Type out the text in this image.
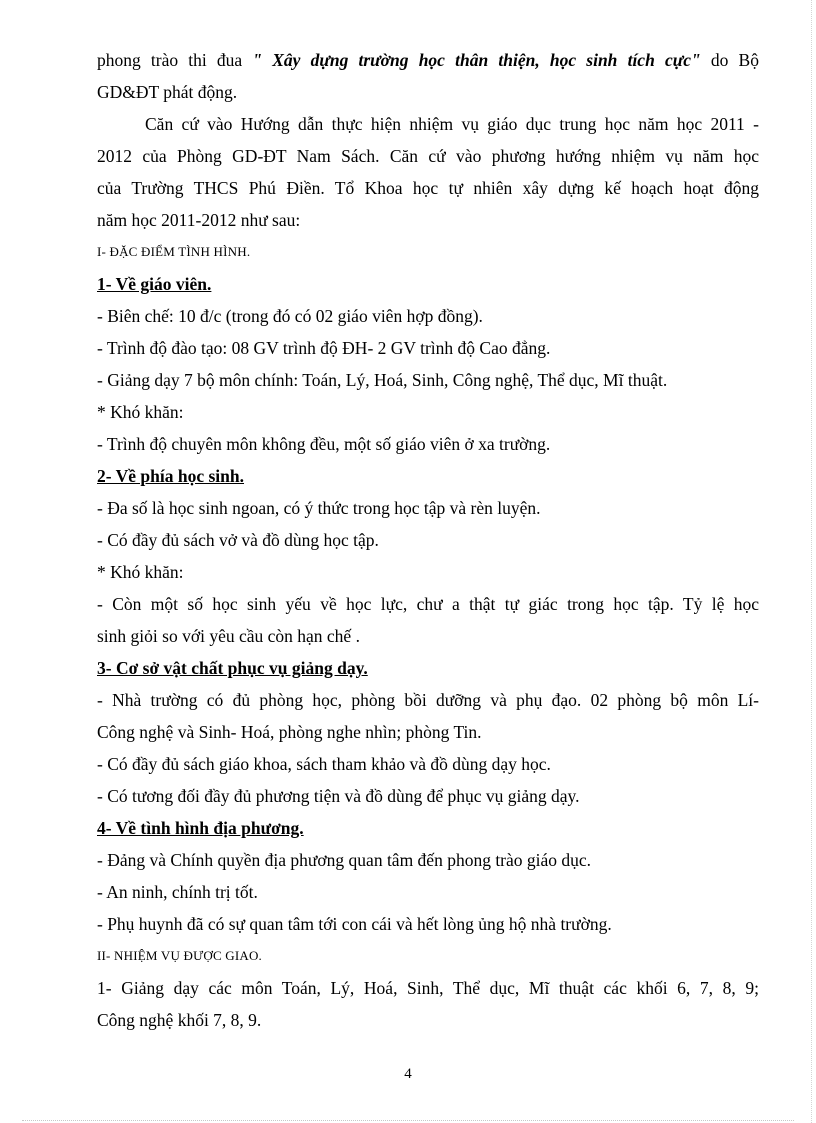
phong trào thi đua " Xây dựng trường học thân thiện, học sinh tích cực" do Bộ
GD&ĐT phát động.
Căn cứ vào Hướng dẫn thực hiện nhiệm vụ giáo dục trung học năm học 2011 -
2012 của Phòng GD-ĐT Nam Sách. Căn cứ vào phương hướng nhiệm vụ năm học
của Trường THCS Phú Điền. Tổ Khoa học tự nhiên xây dựng kế hoạch hoạt động
năm học 2011-2012 như sau:
I- ĐẶC ĐIỂM TÌNH HÌNH.
1- Về giáo viên.
- Biên chế: 10 đ/c (trong đó có 02 giáo viên hợp đồng).
- Trình độ đào tạo: 08 GV trình độ ĐH- 2 GV trình độ Cao đẳng.
- Giảng dạy 7 bộ môn chính: Toán, Lý, Hoá, Sinh, Công nghệ, Thể dục, Mĩ thuật.
* Khó khăn:
- Trình độ chuyên môn không đều, một số giáo viên ở xa trường.
2- Về phía học sinh.
- Đa số là học sinh ngoan, có ý thức trong học tập và rèn luyện.
- Có đầy đủ sách vở và đồ dùng học tập.
* Khó khăn:
- Còn một số học sinh yếu về học lực, chư a thật tự giác trong học tập. Tỷ lệ học
sinh giỏi so với yêu cầu còn hạn chế .
3- Cơ sở vật chất phục vụ giảng dạy.
- Nhà trường có đủ phòng học, phòng bồi dưỡng và phụ đạo. 02 phòng bộ môn Lí-
Công nghệ và Sinh- Hoá, phòng nghe nhìn; phòng Tin.
- Có đầy đủ sách giáo khoa, sách tham khảo và đồ dùng dạy học.
- Có tương đối đầy đủ phương tiện và đồ dùng để phục vụ giảng dạy.
4- Về tình hình địa phương.
- Đảng và Chính quyền địa phương quan tâm đến phong trào giáo dục.
- An ninh, chính trị tốt.
- Phụ huynh đã có sự quan tâm tới con cái và hết lòng ủng hộ nhà trường.
II- NHIỆM VỤ ĐƯỢC GIAO.
1- Giảng dạy các môn Toán, Lý, Hoá, Sinh, Thể dục, Mĩ thuật các khối 6, 7, 8, 9;
Công nghệ khối 7, 8, 9.
4
